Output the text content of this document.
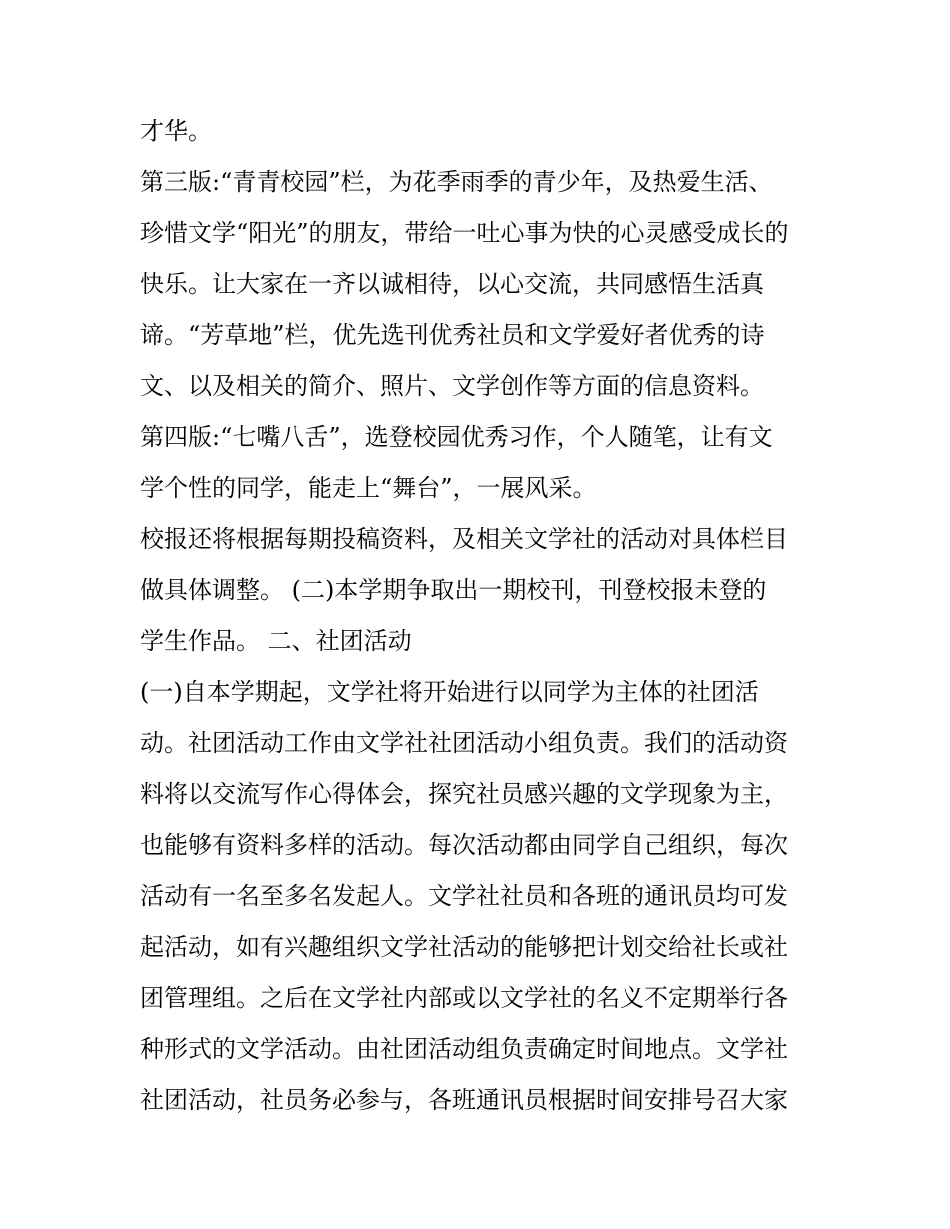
才华。
第三版:“青青校园”栏，为花季雨季的青少年，及热爱生活、
珍惜文学“阳光”的朋友，带给一吐心事为快的心灵感受成长的
快乐。让大家在一齐以诚相待，以心交流，共同感悟生活真
谛。“芳草地”栏，优先选刊优秀社员和文学爱好者优秀的诗
文、以及相关的简介、照片、文学创作等方面的信息资料。
第四版:“七嘴八舌”，选登校园优秀习作，个人随笔，让有文
学个性的同学，能走上“舞台”，一展风采。
校报还将根据每期投稿资料，及相关文学社的活动对具体栏目
做具体调整。 (二)本学期争取出一期校刊，刊登校报未登的
学生作品。 二、社团活动
(一)自本学期起，文学社将开始进行以同学为主体的社团活
动。社团活动工作由文学社社团活动小组负责。我们的活动资
料将以交流写作心得体会，探究社员感兴趣的文学现象为主，
也能够有资料多样的活动。每次活动都由同学自己组织，每次
活动有一名至多名发起人。文学社社员和各班的通讯员均可发
起活动，如有兴趣组织文学社活动的能够把计划交给社长或社
团管理组。之后在文学社内部或以文学社的名义不定期举行各
种形式的文学活动。由社团活动组负责确定时间地点。文学社
社团活动，社员务必参与，各班通讯员根据时间安排号召大家
